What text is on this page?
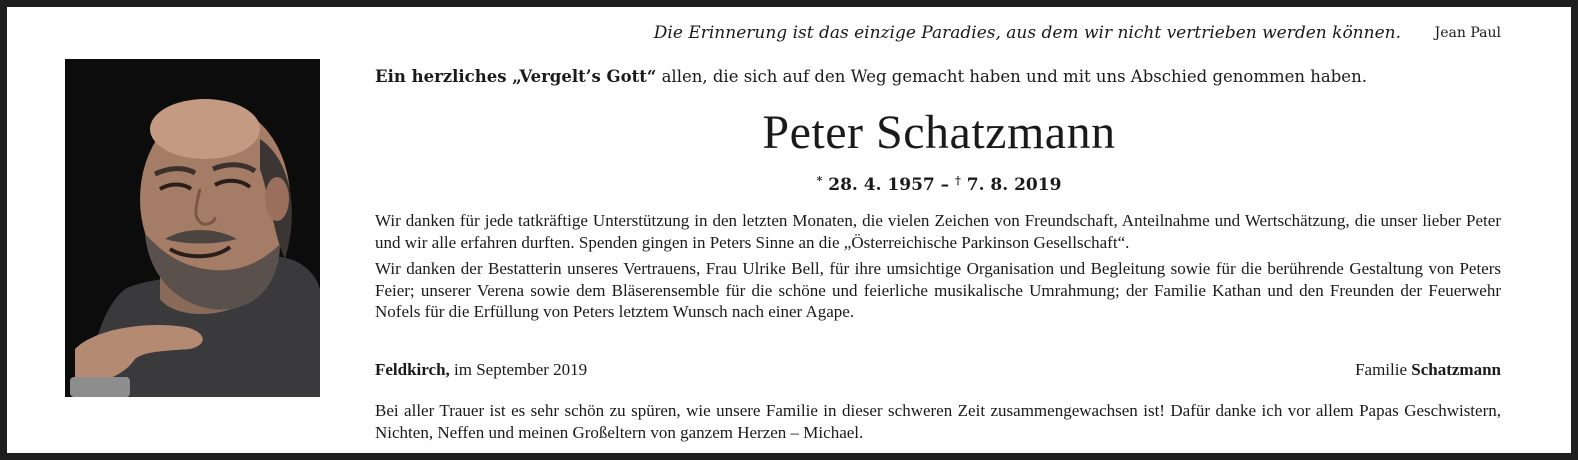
Die Erinnerung ist das einzige Paradies, aus dem wir nicht vertrieben werden können. Jean Paul
Ein herzliches „Vergelt’s Gott“ allen, die sich auf den Weg gemacht haben und mit uns Abschied genommen haben.
Peter Schatzmann
* 28. 4. 1957 – † 7. 8. 2019

Wir danken für jede tatkräftige Unterstützung in den letzten Monaten, die vielen Zeichen von Freundschaft, Anteilnahme und Wertschätzung, die unser lieber Peter und wir alle erfahren durften. Spenden gingen in Peters Sinne an die „Österreichische Parkinson Gesellschaft“.

Wir danken der Bestatterin unseres Vertrauens, Frau Ulrike Bell, für ihre umsichtige Organisation und Begleitung sowie für die berührende Gestaltung von Peters Feier; unserer Verena sowie dem Bläserensemble für die schöne und feierliche musikalische Umrahmung; der Familie Kathan und den Freunden der Feuerwehr Nofels für die Erfüllung von Peters letztem Wunsch nach einer Agape.

Feldkirch, im September 2019	Familie Schatzmann
Bei aller Trauer ist es sehr schön zu spüren, wie unsere Familie in dieser schweren Zeit zusammengewachsen ist! Dafür danke ich vor allem Papas Geschwistern, Nichten, Neffen und meinen Großeltern von ganzem Herzen – Michael.
